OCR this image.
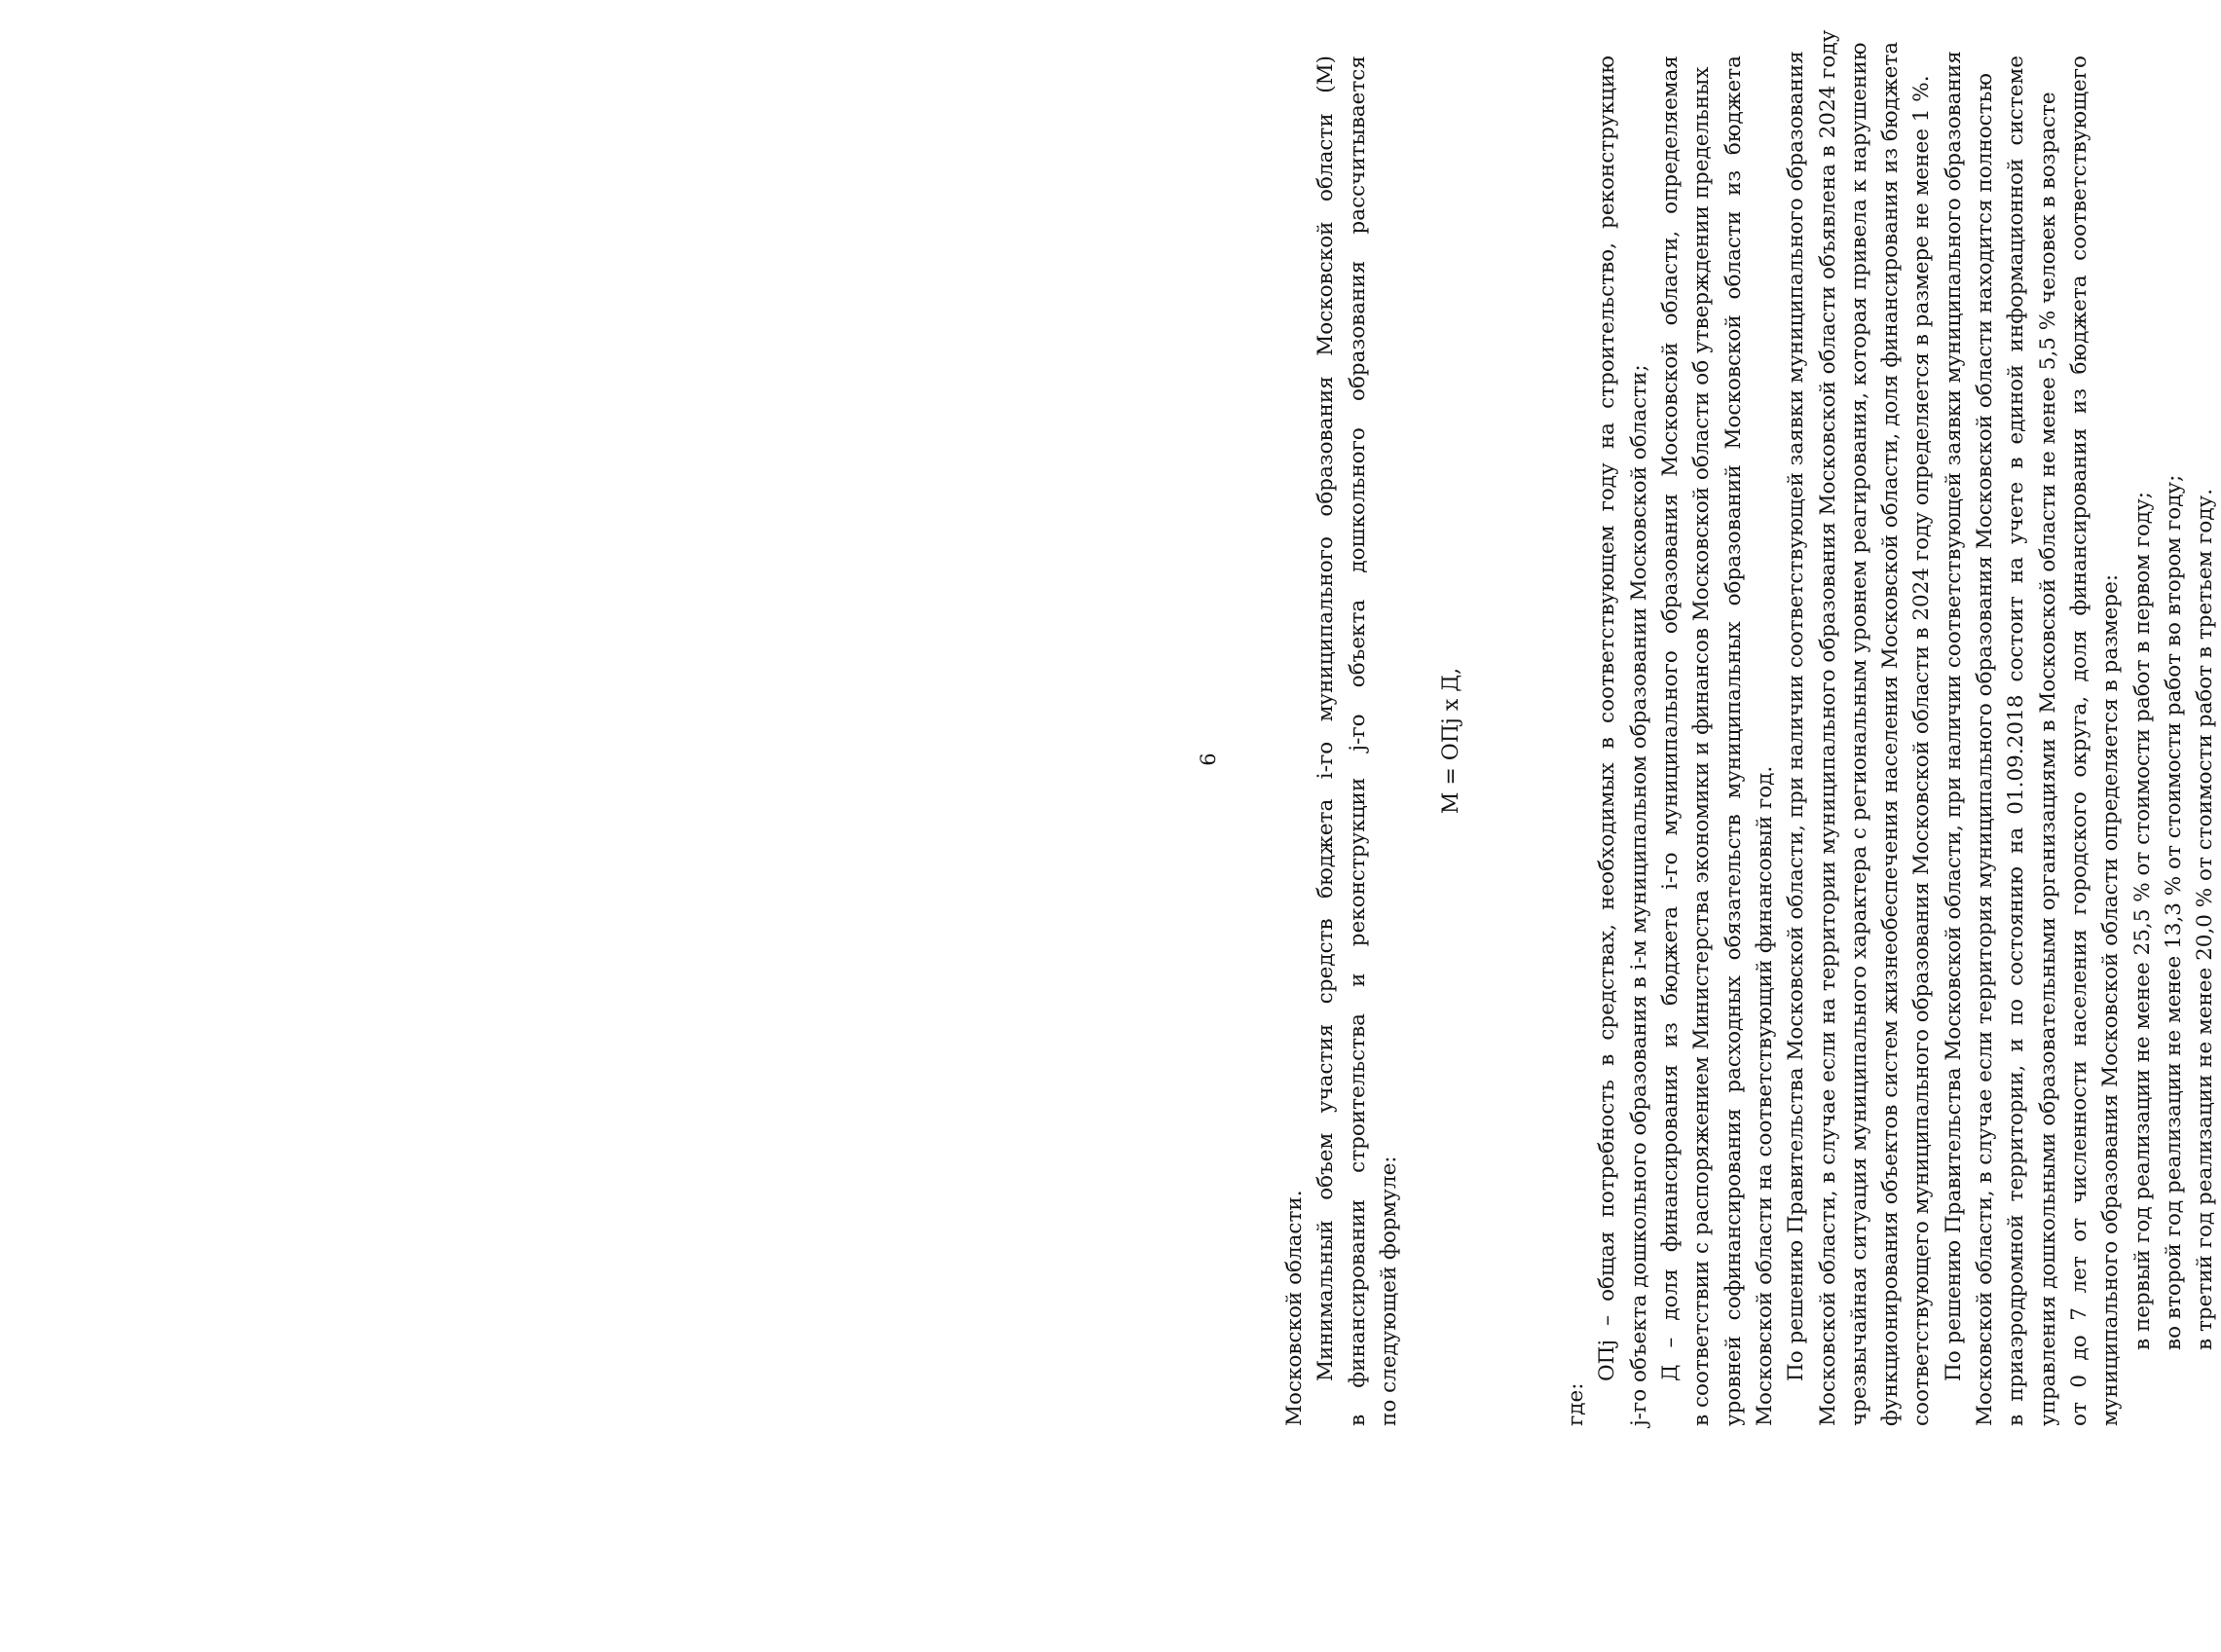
6
Московской области. Минимальный
объем
участия
средств
бюджета
i-го
муниципального
образования
Московской
области
(М)
в
финансировании
строительства
и
реконструкции
j-го
объекта
дошкольного
образования
рассчитывается
по следующей формуле:
М = ОПj х Д,
где:
ОПj
–
общая
потребность
в
средствах,
необходимых
в
соответствующем
году
на
строительство,
реконструкцию
j-го объекта дошкольного образования в i-м муниципальном образовании Московской области; Д
–
доля
финансирования
из
бюджета
i-го
муниципального
образования
Московской
области,
определяемая в соответствии с распоряжением Министерства экономики и финансов Московской области об утверждении предельных уровней
софинансирования
расходных
обязательств
муниципальных
образований
Московской
области
из
бюджета
Московской области на соответствующий финансовый год. По решению Правительства Московской области, при наличии соответствующей заявки муниципального образования Московской области, в случае если на территории муниципального образования Московской области объявлена в 2024 году чрезвычайная ситуация муниципального характера с региональным уровнем реагирования, которая привела к нарушению функционирования объектов систем жизнеобеспечения населения Московской области, доля финансирования из бюджета соответствующего муниципального образования Московской области в 2024 году определяется в размере не менее 1 %. По решению Правительства Московской области, при наличии соответствующей заявки муниципального образования Московской области, в случае если территория муниципального образования Московской области находится полностью в
приаэродромной
территории,
и
по
состоянию
на
01.09.2018
состоит
на
учете
в
единой
информационной
системе управления дошкольными образовательными организациями в Московской области не менее 5,5 % человек в возрасте от
0
до
7
лет
от
численности
населения
городского
округа,
доля
финансирования
из
бюджета
соответствующего
муниципального образования Московской области определяется в размере: в первый год реализации не менее 25,5 % от стоимости работ в первом году; во второй год реализации не менее 13,3 % от стоимости работ во втором году; в третий год реализации не менее 20,0 % от стоимости работ в третьем году.
